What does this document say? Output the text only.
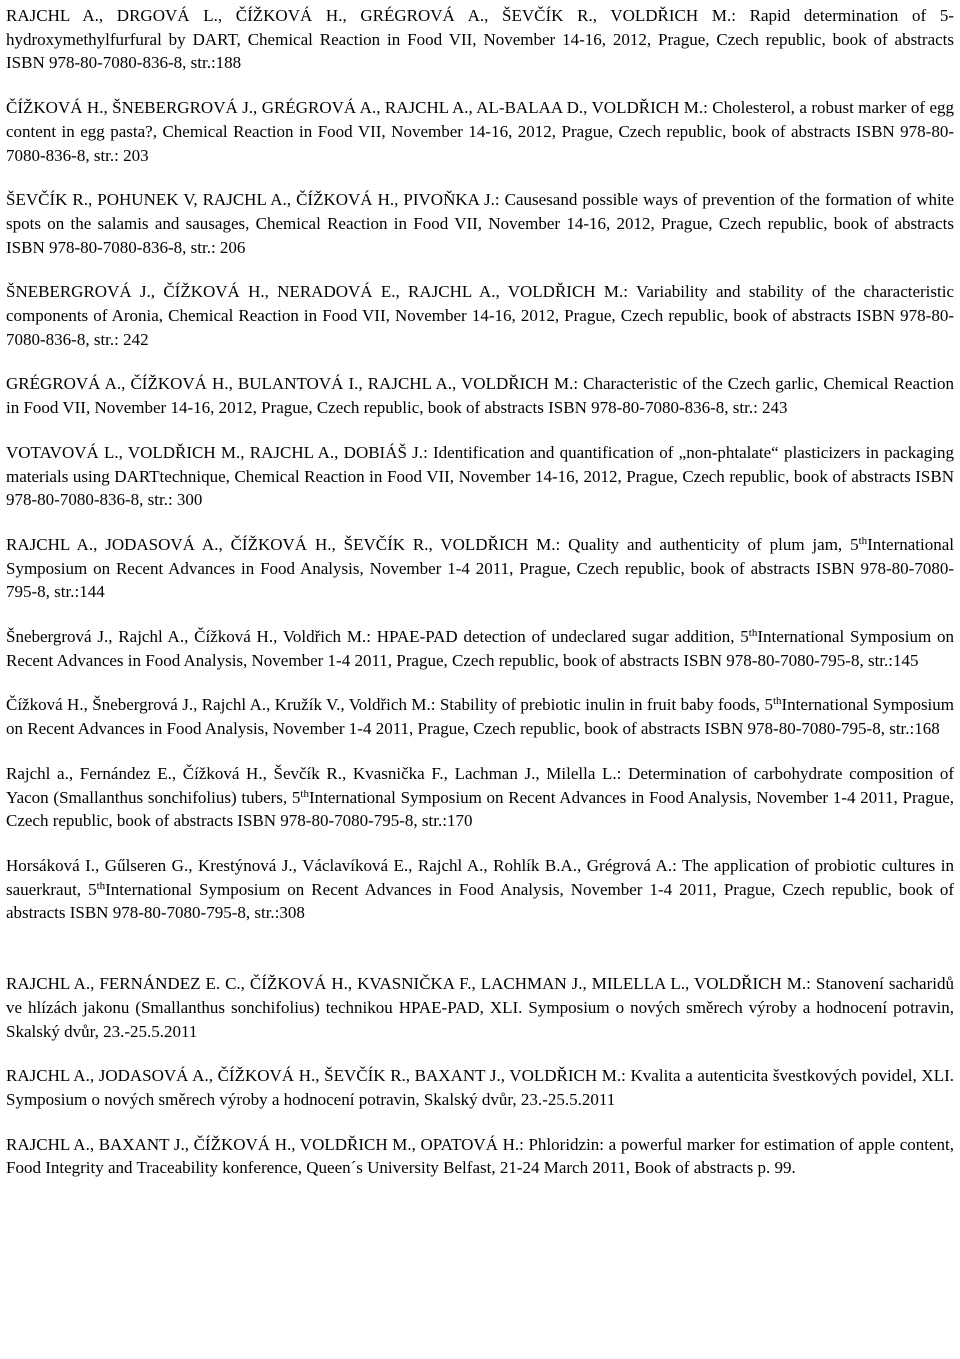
RAJCHL A., DRGOVÁ L., ČÍŽKOVÁ H., GRÉGROVÁ A., ŠEVČÍK R., VOLDŘICH M.: Rapid determination of 5-hydroxymethylfurfural by DART, Chemical Reaction in Food VII, November 14-16, 2012, Prague, Czech republic, book of abstracts ISBN 978-80-7080-836-8, str.:188

ČÍŽKOVÁ H., ŠNEBERGROVÁ J., GRÉGROVÁ A., RAJCHL A., AL-BALAA D., VOLDŘICH M.: Cholesterol, a robust marker of egg content in egg pasta?, Chemical Reaction in Food VII, November 14-16, 2012, Prague, Czech republic, book of abstracts ISBN 978-80-7080-836-8, str.: 203

ŠEVČÍK R., POHUNEK V, RAJCHL A., ČÍŽKOVÁ H., PIVOŇKA J.: Causesand possible ways of prevention of the formation of white spots on the salamis and sausages, Chemical Reaction in Food VII, November 14-16, 2012, Prague, Czech republic, book of abstracts ISBN 978-80-7080-836-8, str.: 206

ŠNEBERGROVÁ J., ČÍŽKOVÁ H., NERADOVÁ E., RAJCHL A., VOLDŘICH M.: Variability and stability of the characteristic components of Aronia, Chemical Reaction in Food VII, November 14-16, 2012, Prague, Czech republic, book of abstracts ISBN 978-80-7080-836-8, str.: 242

GRÉGROVÁ A., ČÍŽKOVÁ H., BULANTOVÁ I., RAJCHL A., VOLDŘICH M.: Characteristic of the Czech garlic, Chemical Reaction in Food VII, November 14-16, 2012, Prague, Czech republic, book of abstracts ISBN 978-80-7080-836-8, str.: 243

VOTAVOVÁ L., VOLDŘICH M., RAJCHL A., DOBIÁŠ J.: Identification and quantification of „non-phtalate“ plasticizers in packaging materials using DARTtechnique, Chemical Reaction in Food VII, November 14-16, 2012, Prague, Czech republic, book of abstracts ISBN 978-80-7080-836-8, str.: 300

RAJCHL A., JODASOVÁ A., ČÍŽKOVÁ H., ŠEVČÍK R., VOLDŘICH M.: Quality and authenticity of plum jam, 5thInternational Symposium on Recent Advances in Food Analysis, November 1-4 2011, Prague, Czech republic, book of abstracts ISBN 978-80-7080-795-8, str.:144

Šnebergrová J., Rajchl A., Čížková H., Voldřich M.: HPAE-PAD detection of undeclared sugar addition, 5thInternational Symposium on Recent Advances in Food Analysis, November 1-4 2011, Prague, Czech republic, book of abstracts ISBN 978-80-7080-795-8, str.:145

Čížková H., Šnebergrová J., Rajchl A., Kružík V., Voldřich M.: Stability of prebiotic inulin in fruit baby foods, 5thInternational Symposium on Recent Advances in Food Analysis, November 1-4 2011, Prague, Czech republic, book of abstracts ISBN 978-80-7080-795-8, str.:168

Rajchl a., Fernández E., Čížková H., Ševčík R., Kvasnička F., Lachman J., Milella L.: Determination of carbohydrate composition of Yacon (Smallanthus sonchifolius) tubers, 5thInternational Symposium on Recent Advances in Food Analysis, November 1-4 2011, Prague, Czech republic, book of abstracts ISBN 978-80-7080-795-8, str.:170

Horsáková I., Gűlseren G., Krestýnová J., Václavíková E., Rajchl A., Rohlík B.A., Grégrová A.: The application of probiotic cultures in sauerkraut, 5thInternational Symposium on Recent Advances in Food Analysis, November 1-4 2011, Prague, Czech republic, book of abstracts ISBN 978-80-7080-795-8, str.:308

RAJCHL A., FERNÁNDEZ E. C., ČÍŽKOVÁ H., KVASNIČKA F., LACHMAN J., MILELLA L., VOLDŘICH M.: Stanovení sacharidů ve hlízách jakonu (Smallanthus sonchifolius) technikou HPAE-PAD, XLI. Symposium o nových směrech výroby a hodnocení potravin, Skalský dvůr, 23.-25.5.2011

RAJCHL A., JODASOVÁ A., ČÍŽKOVÁ H., ŠEVČÍK R., BAXANT J., VOLDŘICH M.: Kvalita a autenticita švestkových povidel, XLI. Symposium o nových směrech výroby a hodnocení potravin, Skalský dvůr, 23.-25.5.2011

RAJCHL A., BAXANT J., ČÍŽKOVÁ H., VOLDŘICH M., OPATOVÁ H.: Phloridzin: a powerful marker for estimation of apple content, Food Integrity and Traceability konference, Queen´s University Belfast, 21-24 March 2011, Book of abstracts p. 99.
